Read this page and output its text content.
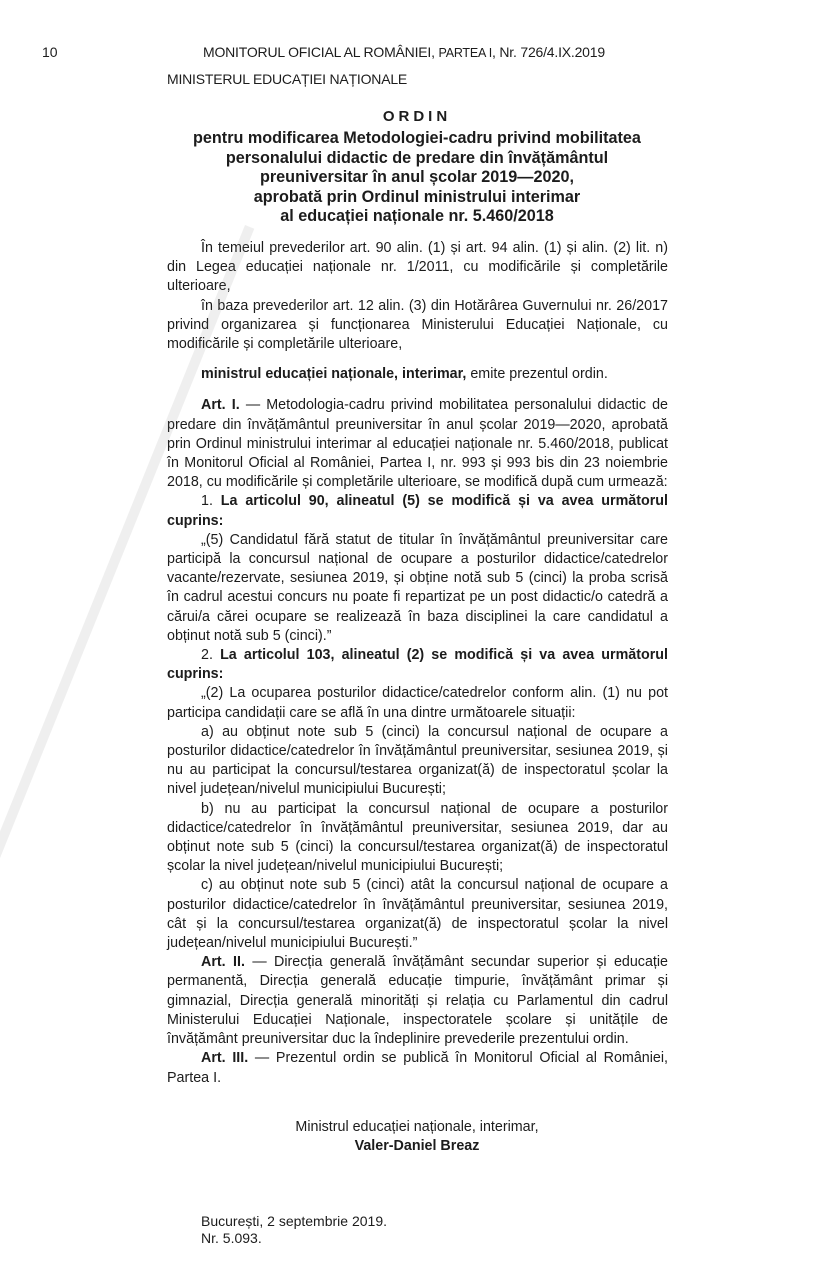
10	MONITORUL OFICIAL AL ROMÂNIEI, PARTEA I, Nr. 726/4.IX.2019
MINISTERUL EDUCAȚIEI NAȚIONALE
ORDIN
pentru modificarea Metodologiei-cadru privind mobilitatea
personalului didactic de predare din învățământul
preuniversitar în anul școlar 2019—2020,
aprobată prin Ordinul ministrului interimar
al educației naționale nr. 5.460/2018

În temeiul prevederilor art. 90 alin. (1) și art. 94 alin. (1) și alin. (2) lit. n) din Legea educației naționale nr. 1/2011, cu modificările și completările ulterioare,

în baza prevederilor art. 12 alin. (3) din Hotărârea Guvernului nr. 26/2017 privind organizarea și funcționarea Ministerului Educației Naționale, cu modificările și completările ulterioare,

ministrul educației naționale, interimar, emite prezentul ordin.

Art. I. — Metodologia-cadru privind mobilitatea personalului didactic de predare din învățământul preuniversitar în anul școlar 2019—2020, aprobată prin Ordinul ministrului interimar al educației naționale nr. 5.460/2018, publicat în Monitorul Oficial al României, Partea I, nr. 993 și 993 bis din 23 noiembrie 2018, cu modificările și completările ulterioare, se modifică după cum urmează:

1. La articolul 90, alineatul (5) se modifică și va avea următorul cuprins:

„(5) Candidatul fără statut de titular în învățământul preuniversitar care participă la concursul național de ocupare a posturilor didactice/catedrelor vacante/rezervate, sesiunea 2019, și obține notă sub 5 (cinci) la proba scrisă în cadrul acestui concurs nu poate fi repartizat pe un post didactic/o catedră a cărui/a cărei ocupare se realizează în baza disciplinei la care candidatul a obținut notă sub 5 (cinci).”

2. La articolul 103, alineatul (2) se modifică și va avea următorul cuprins:

„(2) La ocuparea posturilor didactice/catedrelor conform alin. (1) nu pot participa candidații care se află în una dintre următoarele situații:

a) au obținut note sub 5 (cinci) la concursul național de ocupare a posturilor didactice/catedrelor în învățământul preuniversitar, sesiunea 2019, și nu au participat la concursul/testarea organizat(ă) de inspectoratul școlar la nivel județean/nivelul municipiului București;

b) nu au participat la concursul național de ocupare a posturilor didactice/catedrelor în învățământul preuniversitar, sesiunea 2019, dar au obținut note sub 5 (cinci) la concursul/testarea organizat(ă) de inspectoratul școlar la nivel județean/nivelul municipiului București;

c) au obținut note sub 5 (cinci) atât la concursul național de ocupare a posturilor didactice/catedrelor în învățământul preuniversitar, sesiunea 2019, cât și la concursul/testarea organizat(ă) de inspectoratul școlar la nivel județean/nivelul municipiului București.”

Art. II. — Direcția generală învățământ secundar superior și educație permanentă, Direcția generală educație timpurie, învățământ primar și gimnazial, Direcția generală minorități și relația cu Parlamentul din cadrul Ministerului Educației Naționale, inspectoratele școlare și unitățile de învățământ preuniversitar duc la îndeplinire prevederile prezentului ordin.

Art. III. — Prezentul ordin se publică în Monitorul Oficial al României, Partea I.

Ministrul educației naționale, interimar,
Valer-Daniel Breaz
București, 2 septembrie 2019.
Nr. 5.093.
